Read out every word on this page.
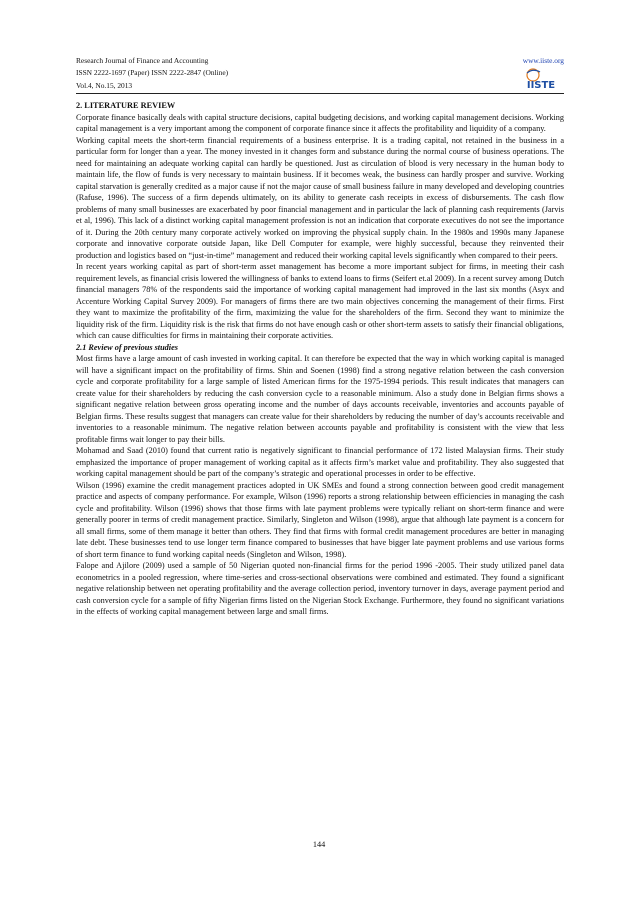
Research Journal of Finance and Accounting
ISSN 2222-1697 (Paper) ISSN 2222-2847 (Online)
Vol.4, No.15, 2013
www.iiste.org
IISTE

2. LITERATURE REVIEW

Corporate finance basically deals with capital structure decisions, capital budgeting decisions, and working capital management decisions. Working capital management is a very important among the component of corporate finance since it affects the profitability and liquidity of a company.

Working capital meets the short-term financial requirements of a business enterprise. It is a trading capital, not retained in the business in a particular form for longer than a year. The money invested in it changes form and substance during the normal course of business operations. The need for maintaining an adequate working capital can hardly be questioned. Just as circulation of blood is very necessary in the human body to maintain life, the flow of funds is very necessary to maintain business. If it becomes weak, the business can hardly prosper and survive. Working capital starvation is generally credited as a major cause if not the major cause of small business failure in many developed and developing countries (Rafuse, 1996). The success of a firm depends ultimately, on its ability to generate cash receipts in excess of disbursements. The cash flow problems of many small businesses are exacerbated by poor financial management and in particular the lack of planning cash requirements (Jarvis et al, 1996). This lack of a distinct working capital management profession is not an indication that corporate executives do not see the importance of it. During the 20th century many corporate actively worked on improving the physical supply chain. In the 1980s and 1990s many Japanese corporate and innovative corporate outside Japan, like Dell Computer for example, were highly successful, because they reinvented their production and logistics based on “just-in-time” management and reduced their working capital levels significantly when compared to their peers.

In recent years working capital as part of short-term asset management has become a more important subject for firms, in meeting their cash requirement levels, as financial crisis lowered the willingness of banks to extend loans to firms (Seifert et.al 2009). In a recent survey among Dutch financial managers 78% of the respondents said the importance of working capital management had improved in the last six months (Asyx and Accenture Working Capital Survey 2009). For managers of firms there are two main objectives concerning the management of their firms. First they want to maximize the profitability of the firm, maximizing the value for the shareholders of the firm. Second they want to minimize the liquidity risk of the firm. Liquidity risk is the risk that firms do not have enough cash or other short-term assets to satisfy their financial obligations, which can cause difficulties for firms in maintaining their corporate activities.

2.1 Review of previous studies

Most firms have a large amount of cash invested in working capital. It can therefore be expected that the way in which working capital is managed will have a significant impact on the profitability of firms. Shin and Soenen (1998) find a strong negative relation between the cash conversion cycle and corporate profitability for a large sample of listed American firms for the 1975-1994 periods. This result indicates that managers can create value for their shareholders by reducing the cash conversion cycle to a reasonable minimum. Also a study done in Belgian firms shows a significant negative relation between gross operating income and the number of days accounts receivable, inventories and accounts payable of Belgian firms. These results suggest that managers can create value for their shareholders by reducing the number of day’s accounts receivable and inventories to a reasonable minimum. The negative relation between accounts payable and profitability is consistent with the view that less profitable firms wait longer to pay their bills.

Mohamad and Saad (2010) found that current ratio is negatively significant to financial performance of 172 listed Malaysian firms. Their study emphasized the importance of proper management of working capital as it affects firm’s market value and profitability. They also suggested that working capital management should be part of the company’s strategic and operational processes in order to be effective.

Wilson (1996) examine the credit management practices adopted in UK SMEs and found a strong connection between good credit management practice and aspects of company performance. For example, Wilson (1996) reports a strong relationship between efficiencies in managing the cash cycle and profitability. Wilson (1996) shows that those firms with late payment problems were typically reliant on short-term finance and were generally poorer in terms of credit management practice. Similarly, Singleton and Wilson (1998), argue that although late payment is a concern for all small firms, some of them manage it better than others. They find that firms with formal credit management procedures are better in managing late debt. These businesses tend to use longer term finance compared to businesses that have bigger late payment problems and use various forms of short term finance to fund working capital needs (Singleton and Wilson, 1998).

Falope and Ajilore (2009) used a sample of 50 Nigerian quoted non-financial firms for the period 1996 -2005. Their study utilized panel data econometrics in a pooled regression, where time-series and cross-sectional observations were combined and estimated. They found a significant negative relationship between net operating profitability and the average collection period, inventory turnover in days, average payment period and cash conversion cycle for a sample of fifty Nigerian firms listed on the Nigerian Stock Exchange. Furthermore, they found no significant variations in the effects of working capital management between large and small firms.

144
